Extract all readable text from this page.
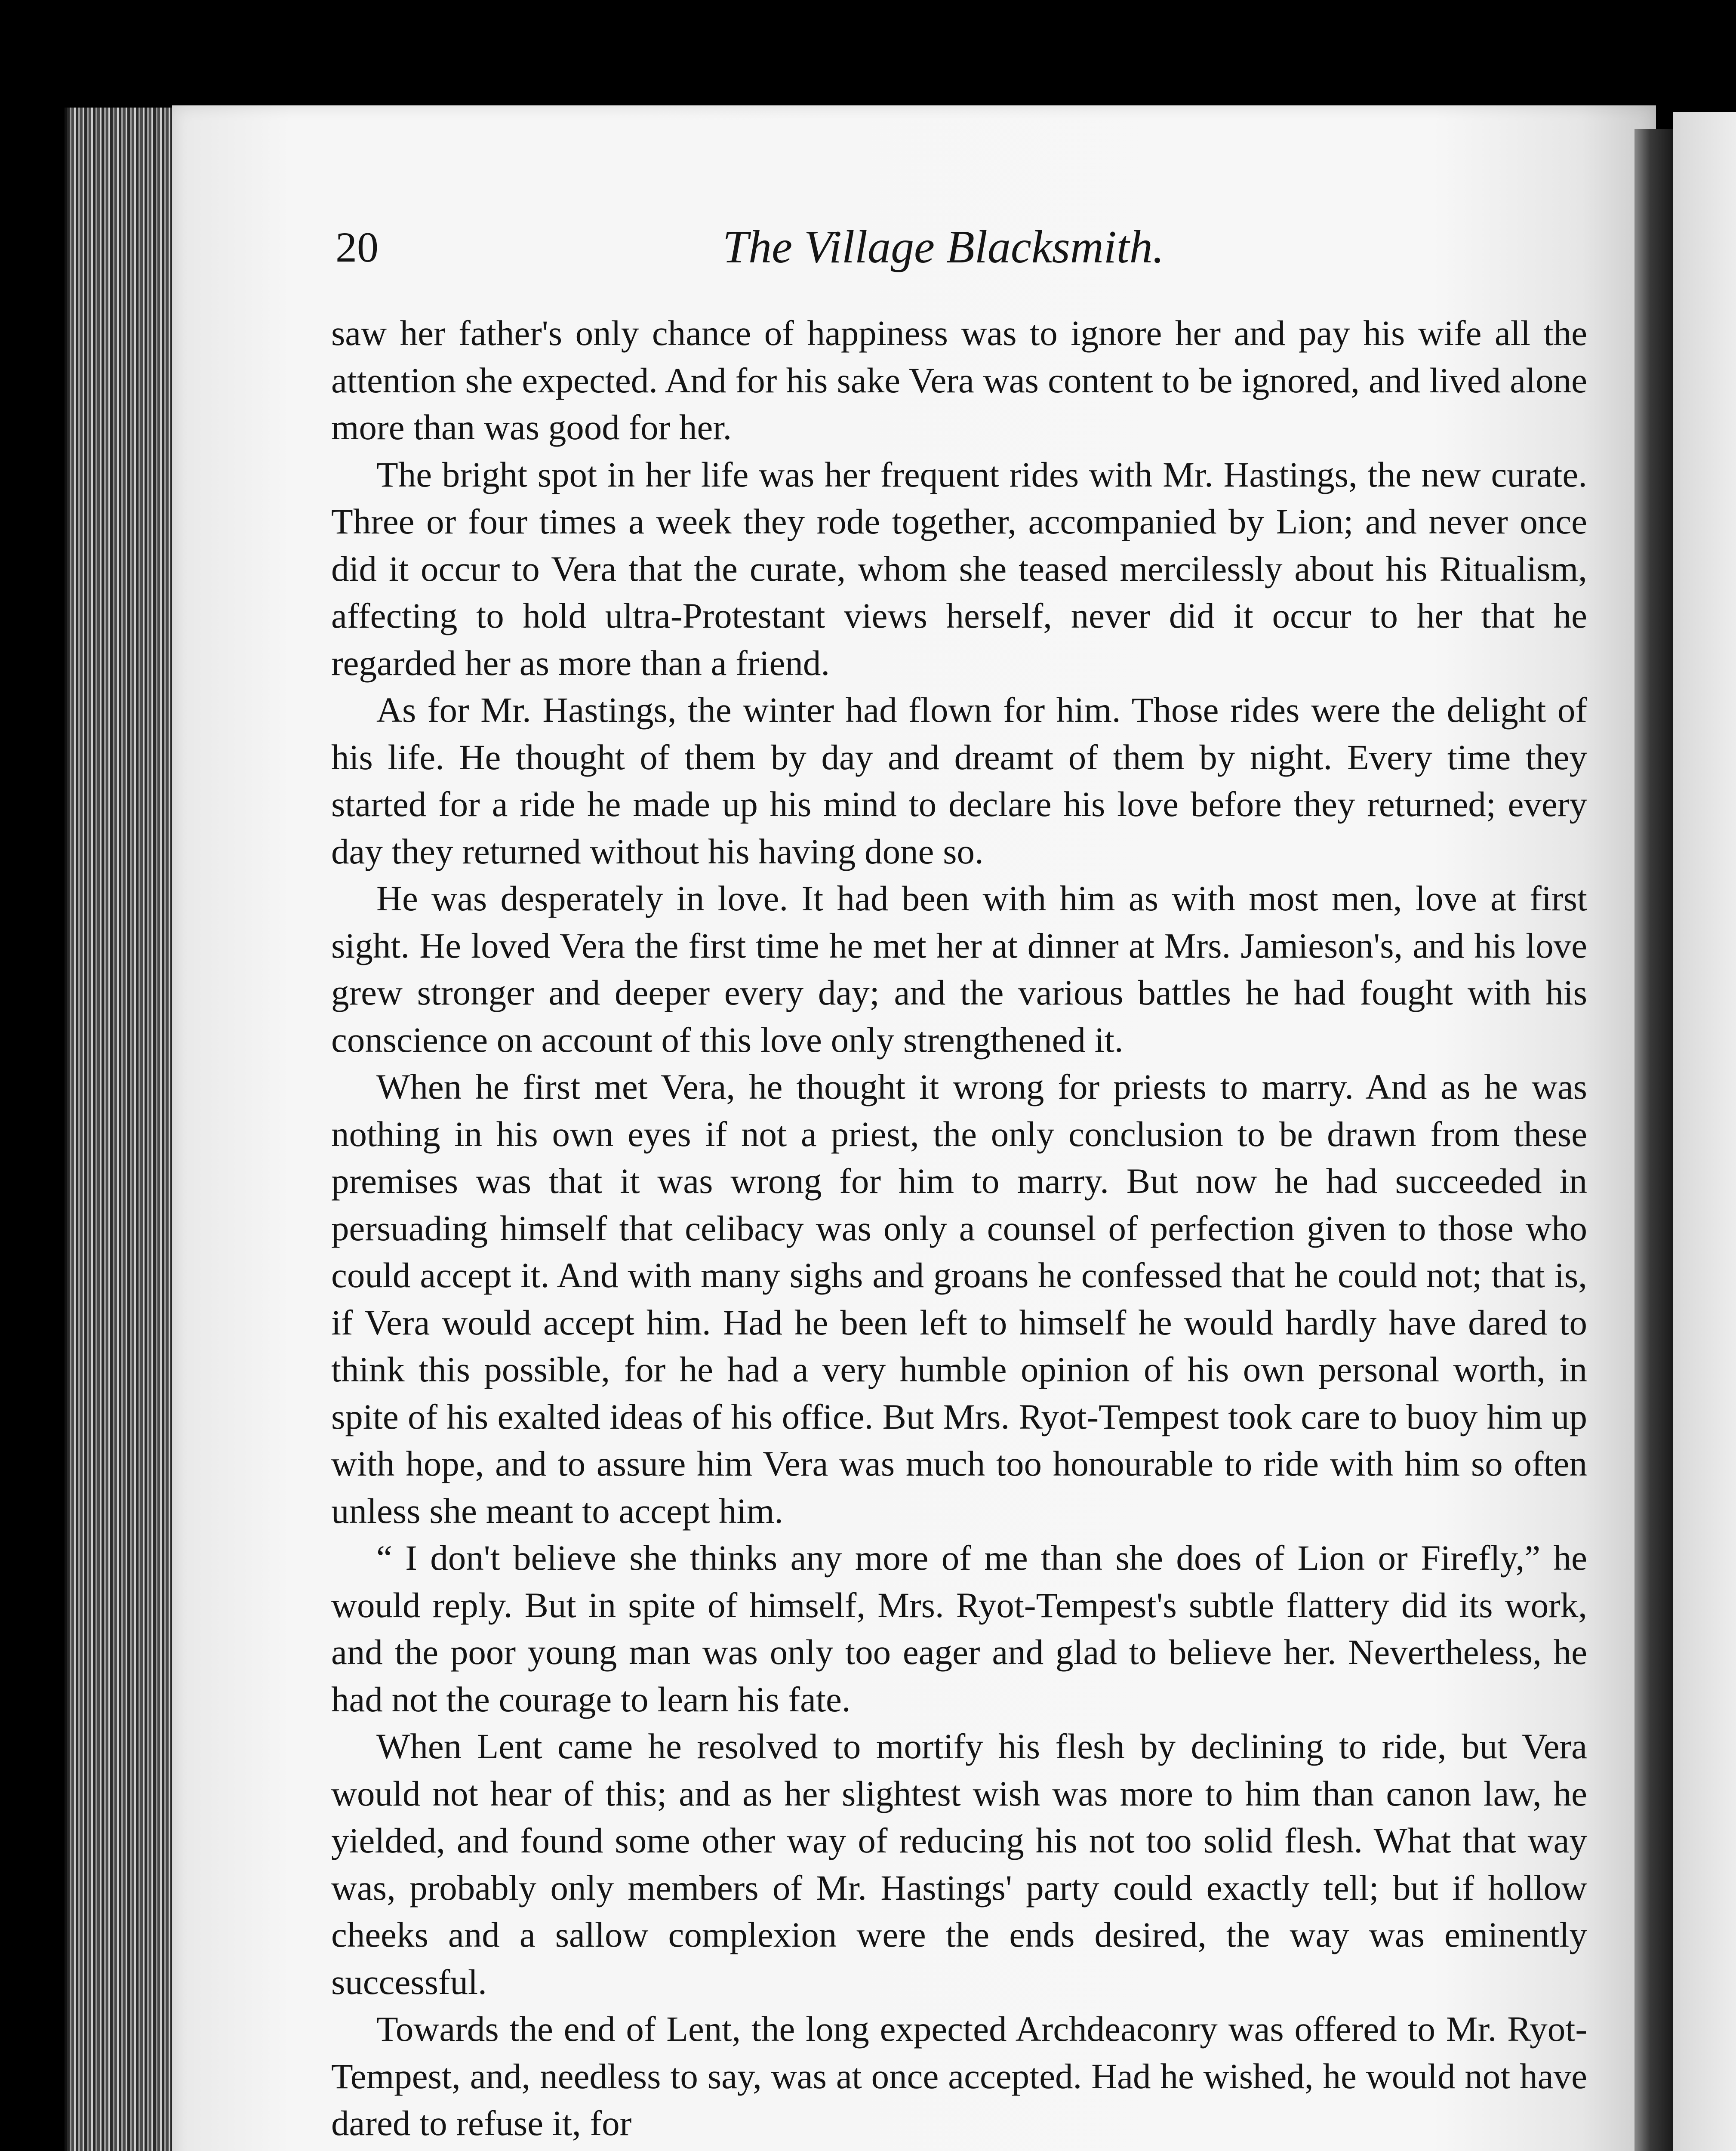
20	The Village Blacksmith.

saw her father's only chance of happiness was to ignore her and pay his wife all the attention she expected. And for his sake Vera was content to be ignored, and lived alone more than was good for her.

The bright spot in her life was her frequent rides with Mr. Hastings, the new curate. Three or four times a week they rode together, accompanied by Lion; and never once did it occur to Vera that the curate, whom she teased mercilessly about his Ritualism, affecting to hold ultra-Protestant views herself, never did it occur to her that he regarded her as more than a friend.

As for Mr. Hastings, the winter had flown for him. Those rides were the delight of his life. He thought of them by day and dreamt of them by night. Every time they started for a ride he made up his mind to declare his love before they returned; every day they returned without his having done so.

He was desperately in love. It had been with him as with most men, love at first sight. He loved Vera the first time he met her at dinner at Mrs. Jamieson's, and his love grew stronger and deeper every day; and the various battles he had fought with his conscience on account of this love only strengthened it.

When he first met Vera, he thought it wrong for priests to marry. And as he was nothing in his own eyes if not a priest, the only conclusion to be drawn from these premises was that it was wrong for him to marry. But now he had succeeded in persuading himself that celibacy was only a counsel of perfection given to those who could accept it. And with many sighs and groans he confessed that he could not; that is, if Vera would accept him. Had he been left to himself he would hardly have dared to think this possible, for he had a very humble opinion of his own personal worth, in spite of his exalted ideas of his office. But Mrs. Ryot-Tempest took care to buoy him up with hope, and to assure him Vera was much too honourable to ride with him so often unless she meant to accept him.

“ I don't believe she thinks any more of me than she does of Lion or Firefly,” he would reply. But in spite of himself, Mrs. Ryot-Tempest's subtle flattery did its work, and the poor young man was only too eager and glad to believe her. Nevertheless, he had not the courage to learn his fate.

When Lent came he resolved to mortify his flesh by declining to ride, but Vera would not hear of this; and as her slightest wish was more to him than canon law, he yielded, and found some other way of reducing his not too solid flesh. What that way was, probably only members of Mr. Hastings' party could exactly tell; but if hollow cheeks and a sallow complexion were the ends desired, the way was eminently successful.

Towards the end of Lent, the long expected Archdeaconry was offered to Mr. Ryot-Tempest, and, needless to say, was at once accepted. Had he wished, he would not have dared to refuse it, for
